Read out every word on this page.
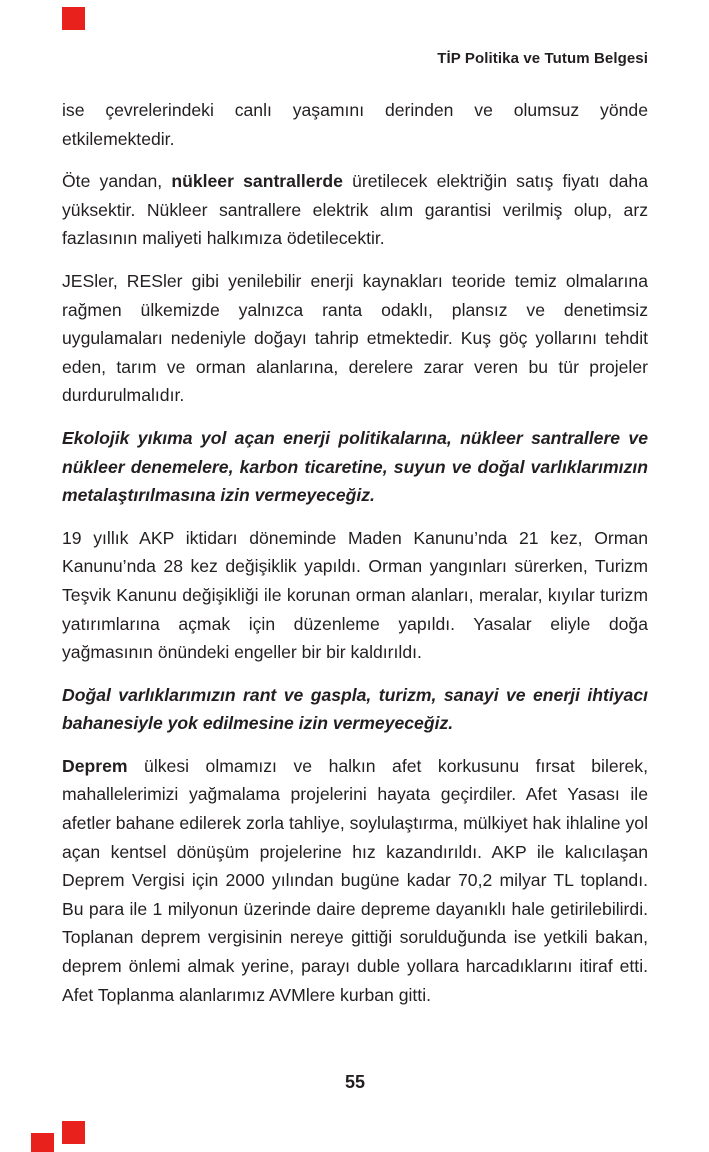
TİP Politika ve Tutum Belgesi

ise çevrelerindeki canlı yaşamını derinden ve olumsuz yönde etkilemektedir.

Öte yandan, nükleer santrallerde üretilecek elektriğin satış fiyatı daha yüksektir. Nükleer santrallere elektrik alım garantisi verilmiş olup, arz fazlasının maliyeti halkımıza ödetilecektir.

JESler, RESler gibi yenilebilir enerji kaynakları teoride temiz olmalarına rağmen ülkemizde yalnızca ranta odaklı, plansız ve denetimsiz uygulamaları nedeniyle doğayı tahrip etmektedir. Kuş göç yollarını tehdit eden, tarım ve orman alanlarına, derelere zarar veren bu tür projeler durdurulmalıdır.

Ekolojik yıkıma yol açan enerji politikalarına, nükleer santrallere ve nükleer denemelere, karbon ticaretine, suyun ve doğal varlıklarımızın metalaştırılmasına izin vermeyeceğiz.

19 yıllık AKP iktidarı döneminde Maden Kanunu’nda 21 kez, Orman Kanunu’nda 28 kez değişiklik yapıldı. Orman yangınları sürerken, Turizm Teşvik Kanunu değişikliği ile korunan orman alanları, meralar, kıyılar turizm yatırımlarına açmak için düzenleme yapıldı. Yasalar eliyle doğa yağmasının önündeki engeller bir bir kaldırıldı.

Doğal varlıklarımızın rant ve gaspla, turizm, sanayi ve enerji ihtiyacı bahanesiyle yok edilmesine izin vermeyeceğiz.

Deprem ülkesi olmamızı ve halkın afet korkusunu fırsat bilerek, mahallelerimizi yağmalama projelerini hayata geçirdiler. Afet Yasası ile afetler bahane edilerek zorla tahliye, soylulaştırma, mülkiyet hak ihlaline yol açan kentsel dönüşüm projelerine hız kazandırıldı. AKP ile kalıcılaşan Deprem Vergisi için 2000 yılından bugüne kadar 70,2 milyar TL toplandı. Bu para ile 1 milyonun üzerinde daire depreme dayanıklı hale getirilebilirdi. Toplanan deprem vergisinin nereye gittiği sorulduğunda ise yetkili bakan, deprem önlemi almak yerine, parayı duble yollara harcadıklarını itiraf etti. Afet Toplanma alanlarımız AVMlere kurban gitti.

55
